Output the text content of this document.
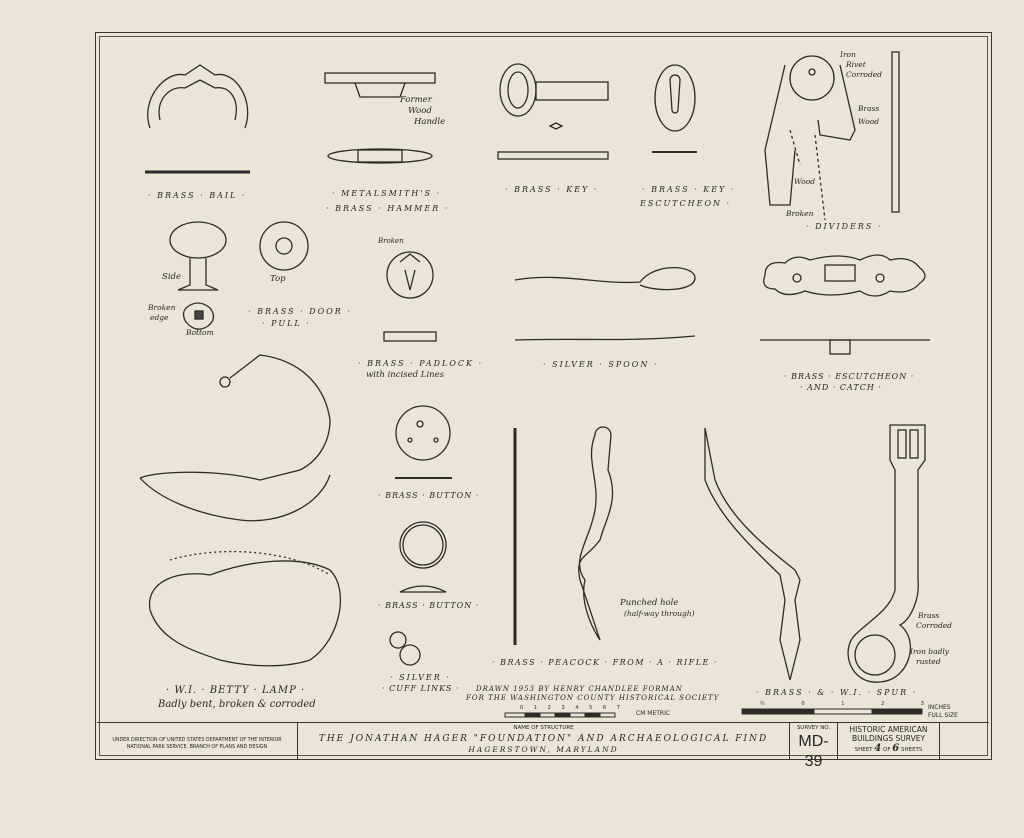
· BRASS · BAIL ·
Former
Wood
Handle
· METALSMITH'S ·
· BRASS · HAMMER ·
· BRASS · KEY ·	· BRASS · KEY ·
ESCUTCHEON ·
Iron
Rivet
Corroded
Brass
Wood
Wood
Broken
· DIVIDERS ·
Side	Top
Broken
edge
Bottom
· BRASS · DOOR ·
· PULL ·
Broken
· BRASS · PADLOCK ·
with incised Lines
· SILVER · SPOON ·
· BRASS · ESCUTCHEON ·
· AND · CATCH ·
· BRASS · BUTTON ·
· BRASS · BUTTON ·
· SILVER ·
· CUFF LINKS ·
Punched hole
(half-way through)
· BRASS · PEACOCK · FROM · A · RIFLE ·
Brass
Corroded
Iron badly
rusted
· BRASS · & · W.I. · SPUR ·
· W.I. · BETTY · LAMP ·
Badly bent, broken & corroded
DRAWN 1953 BY HENRY CHANDLEE FORMAN
FOR THE WASHINGTON COUNTY HISTORICAL SOCIETY
0 1 2 3 4 5 6 7
CM METRIC
½	0	1	2	3 INCHES
FULL SIZE
UNDER DIRECTION OF UNITED STATES DEPARTMENT OF THE INTERIOR
NATIONAL PARK SERVICE, BRANCH OF PLANS AND DESIGN
NAME OF STRUCTURE
THE JONATHAN HAGER "FOUNDATION" AND ARCHAEOLOGICAL FIND
HAGERSTOWN, MARYLAND
SURVEY NO.
MD-39
HISTORIC AMERICAN
BUILDINGS SURVEY
SHEET 4 OF 6 SHEETS
